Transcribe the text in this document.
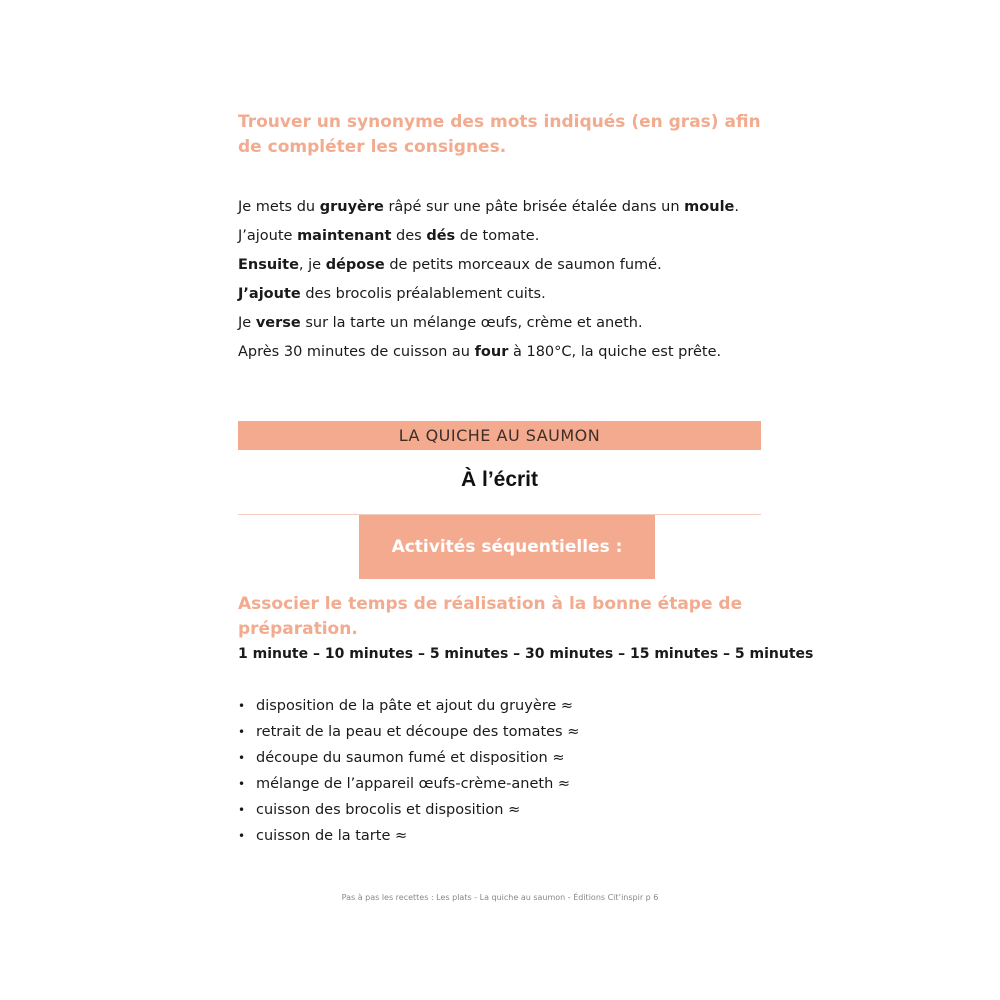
Trouver un synonyme des mots indiqués (en gras) afin de compléter les consignes.
Je mets du gruyère râpé sur une pâte brisée étalée dans un moule.
J’ajoute maintenant des dés de tomate.
Ensuite, je dépose de petits morceaux de saumon fumé.
J’ajoute des brocolis préalablement cuits.
Je verse sur la tarte un mélange œufs, crème et aneth.
Après 30 minutes de cuisson au four à 180°C, la quiche est prête.
LA QUICHE AU SAUMON
À l’écrit
Activités séquentielles :
Associer le temps de réalisation à la bonne étape de préparation.
1 minute – 10 minutes – 5 minutes – 30 minutes – 15 minutes – 5 minutes
• disposition de la pâte et ajout du gruyère ≈
• retrait de la peau et découpe des tomates ≈
• découpe du saumon fumé et disposition ≈
• mélange de l’appareil œufs-crème-aneth ≈
• cuisson des brocolis et disposition ≈
• cuisson de la tarte ≈
Pas à pas les recettes : Les plats - La quiche au saumon - Éditions Cit’inspir p 6
